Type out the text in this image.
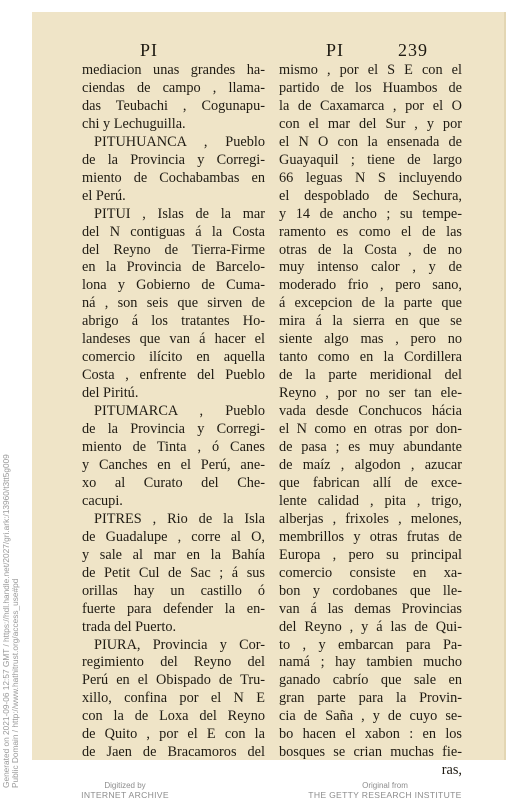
Generated on 2021-09-06 12:57 GMT / https://hdl.handle.net/2027/gri.ark:/13960/t3tt5g009 Public Domain / http://www.hathitrust.org/access_use#pd
PI	PI	239
mediacion unas grandes ha-
ciendas de campo , llama-
das Teubachi , Cogunapu-
chi y Lechuguilla.
PITUHUANCA , Pueblo
de la Provincia y Corregi-
miento de Cochabambas en
el Perú.
PITUI , Islas de la mar
del N contiguas á la Costa
del Reyno de Tierra-Firme
en la Provincia de Barcelo-
lona y Gobierno de Cuma-
ná , son seis que sirven de
abrigo á los tratantes Ho-
landeses que van á hacer el
comercio ilícito en aquella
Costa , enfrente del Pueblo
del Piritú.
PITUMARCA , Pueblo
de la Provincia y Corregi-
miento de Tinta , ó Canes
y Canches en el Perú, ane-
xo al Curato del Che-
cacupi.
PITRES , Rio de la Isla
de Guadalupe , corre al O,
y sale al mar en la Bahía
de Petit Cul de Sac ; á sus
orillas hay un castillo ó
fuerte para defender la en-
trada del Puerto.
PIURA, Provincia y Cor-
regimiento del Reyno del
Perú en el Obispado de Tru-
xillo, confina por el N E
con la de Loxa del Reyno
de Quito , por el E con la
de Jaen de Bracamoros del
mismo , por el S E con el
partido de los Huambos de
la de Caxamarca , por el O
con el mar del Sur , y por
el N O con la ensenada de
Guayaquil ; tiene de largo
66 leguas N S incluyendo
el despoblado de Sechura,
y 14 de ancho ; su tempe-
ramento es como el de las
otras de la Costa , de no
muy intenso calor , y de
moderado frio , pero sano,
á excepcion de la parte que
mira á la sierra en que se
siente algo mas , pero no
tanto como en la Cordillera
de la parte meridional del
Reyno , por no ser tan ele-
vada desde Conchucos hácia
el N como en otras por don-
de pasa ; es muy abundante
de maíz , algodon , azucar
que fabrican allí de exce-
lente calidad , pita , trigo,
alberjas , frixoles , melones,
membrillos y otras frutas de
Europa , pero su principal
comercio consiste en xa-
bon y cordobanes que lle-
van á las demas Provincias
del Reyno , y á las de Qui-
to , y embarcan para Pa-
namá ; hay tambien mucho
ganado cabrío que sale en
gran parte para la Provin-
cia de Saña , y de cuyo se-
bo hacen el xabon : en los
bosques se crian muchas fie-
ras,
Digitized by
INTERNET ARCHIVE
Original from
THE GETTY RESEARCH INSTITUTE
